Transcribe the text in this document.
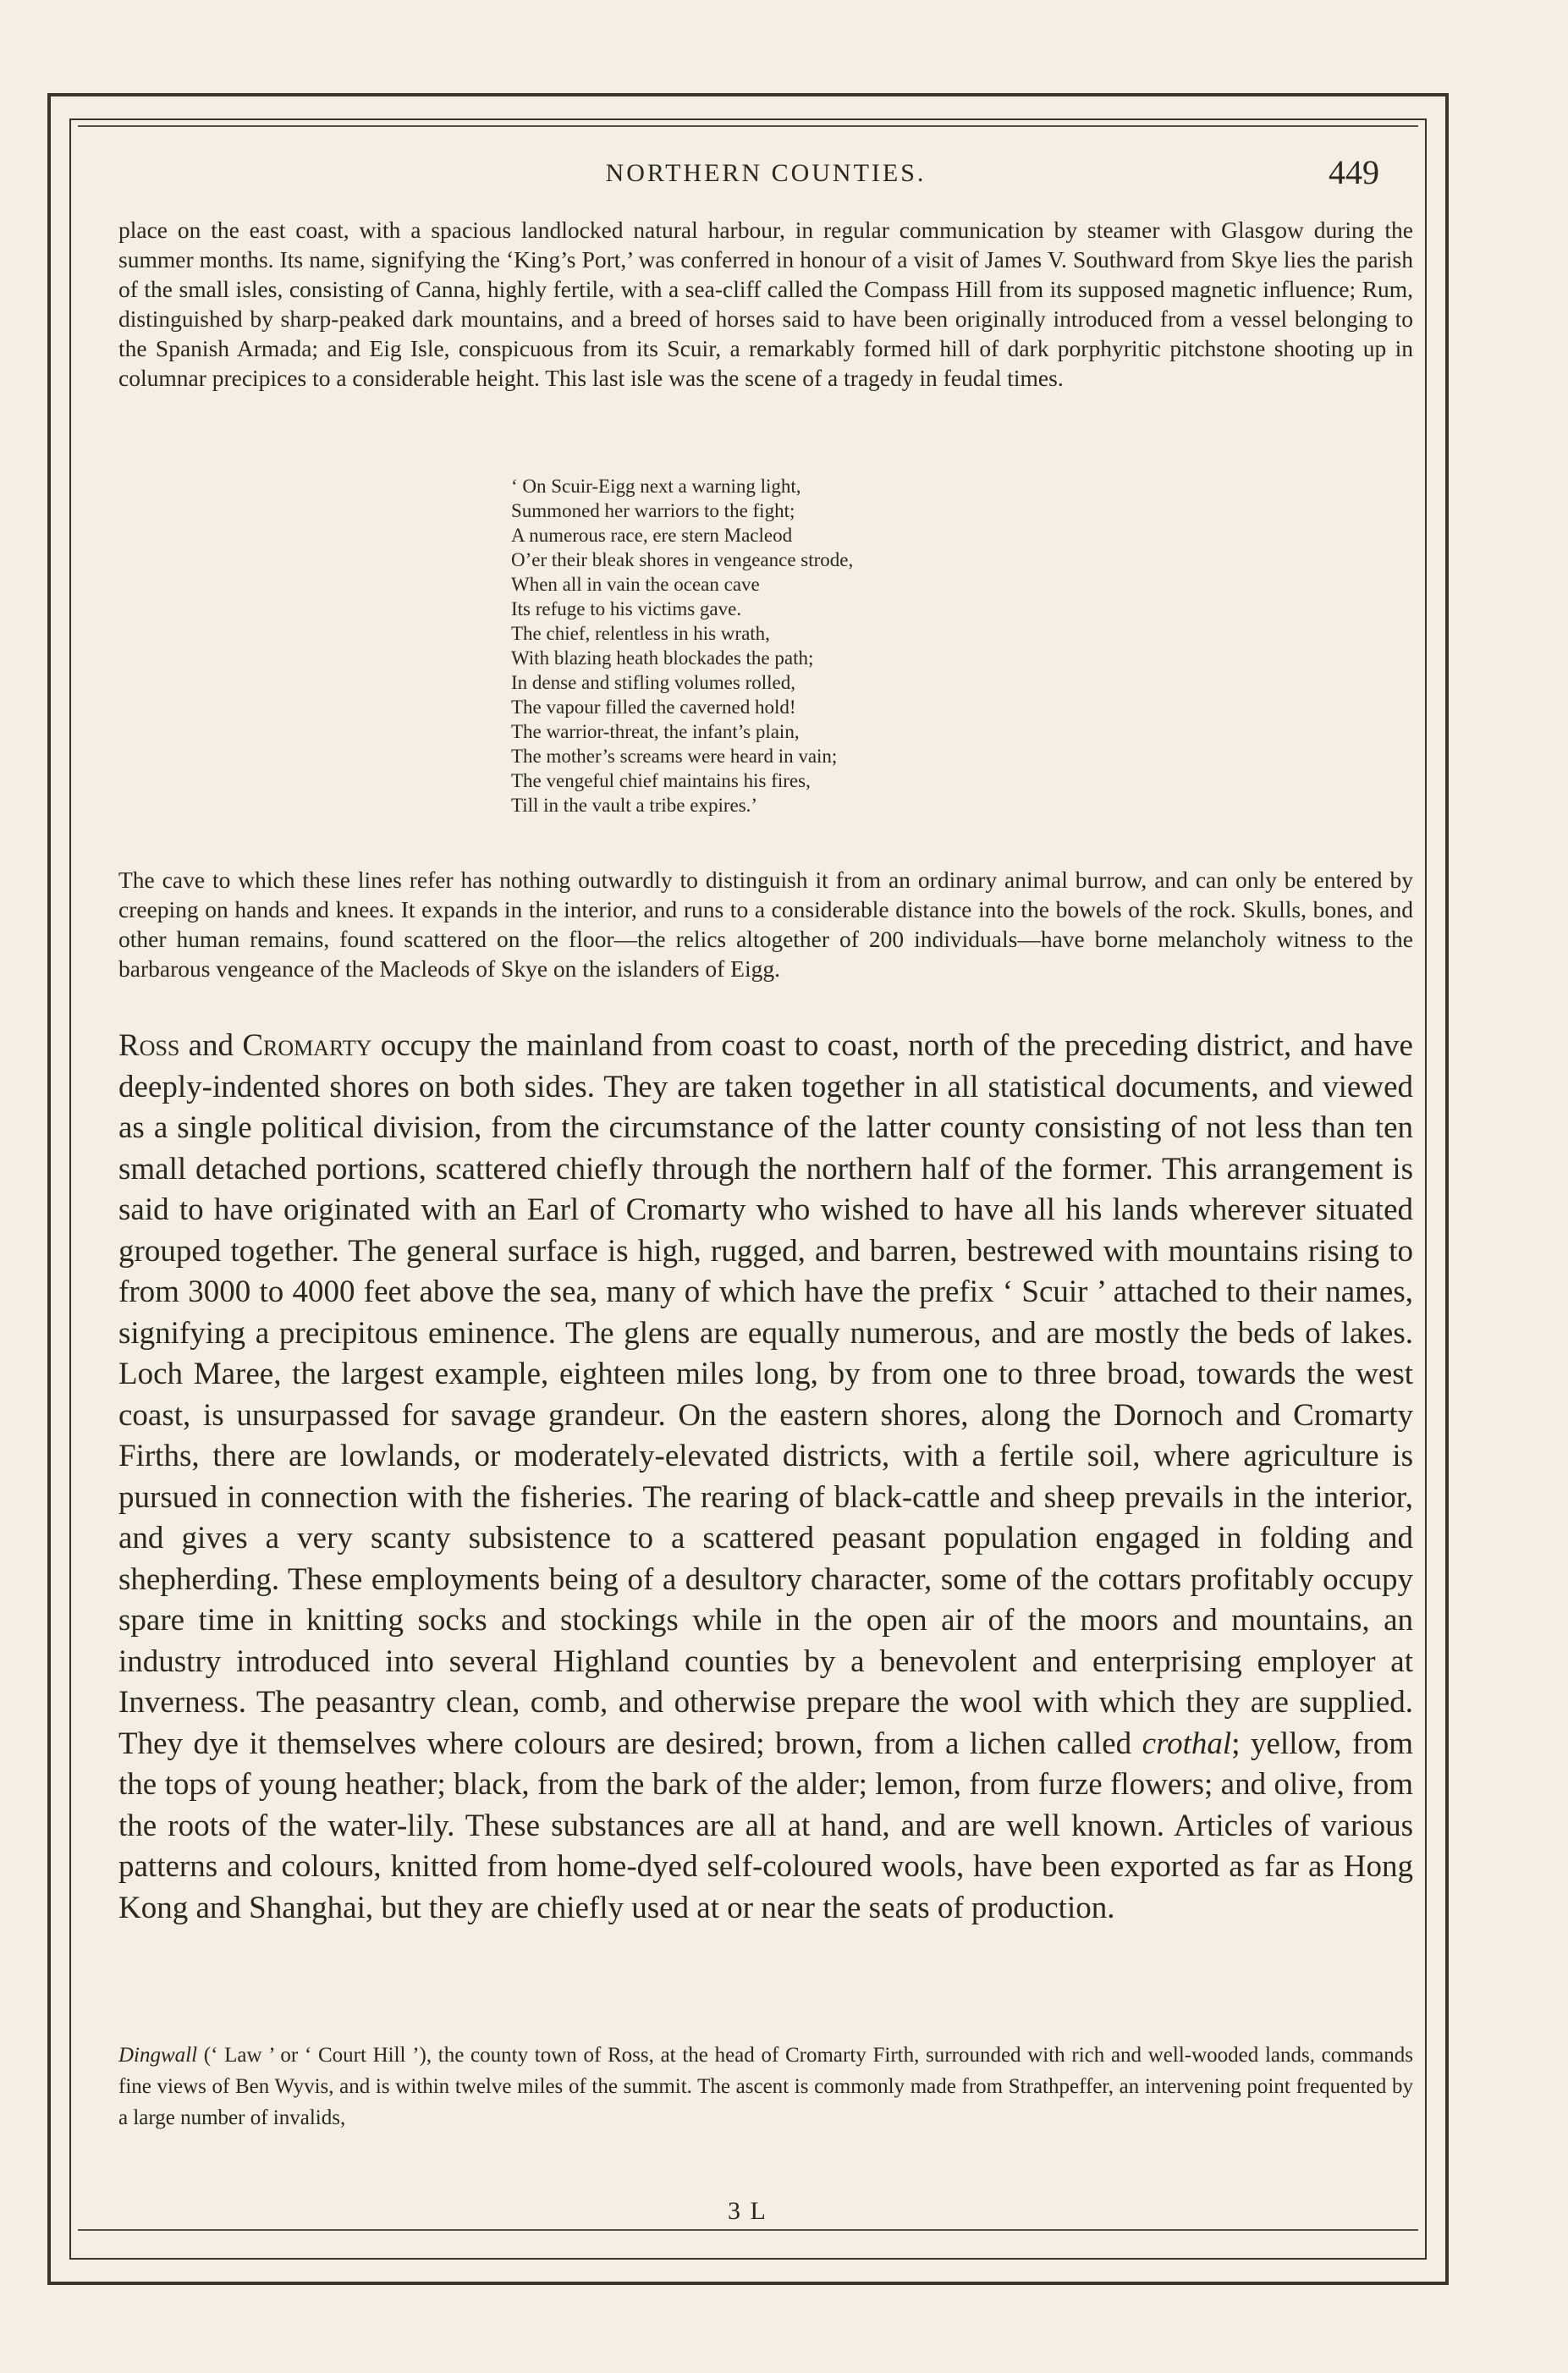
NORTHERN COUNTIES.	449

place on the east coast, with a spacious landlocked natural harbour, in regular communication by steamer with Glasgow during the summer months. Its name, signifying the ‘King’s Port,’ was conferred in honour of a visit of James V. Southward from Skye lies the parish of the small isles, consisting of Canna, highly fertile, with a sea-cliff called the Compass Hill from its supposed magnetic influence; Rum, distinguished by sharp-peaked dark mountains, and a breed of horses said to have been originally introduced from a vessel belonging to the Spanish Armada; and Eig Isle, conspicuous from its Scuir, a remarkably formed hill of dark porphyritic pitchstone shooting up in columnar precipices to a considerable height. This last isle was the scene of a tragedy in feudal times.

‘ On Scuir-Eigg next a warning light,
Summoned her warriors to the fight;
A numerous race, ere stern Macleod
O’er their bleak shores in vengeance strode,
When all in vain the ocean cave
Its refuge to his victims gave.
The chief, relentless in his wrath,
With blazing heath blockades the path;
In dense and stifling volumes rolled,
The vapour filled the caverned hold!
The warrior-threat, the infant’s plain,
The mother’s screams were heard in vain;
The vengeful chief maintains his fires,
Till in the vault a tribe expires.’

The cave to which these lines refer has nothing outwardly to distinguish it from an ordinary animal burrow, and can only be entered by creeping on hands and knees. It expands in the interior, and runs to a considerable distance into the bowels of the rock. Skulls, bones, and other human remains, found scattered on the floor—the relics altogether of 200 individuals—have borne melancholy witness to the barbarous vengeance of the Macleods of Skye on the islanders of Eigg.

Ross and Cromarty occupy the mainland from coast to coast, north of the preceding district, and have deeply-indented shores on both sides. They are taken together in all statistical documents, and viewed as a single political division, from the circumstance of the latter county consisting of not less than ten small detached portions, scattered chiefly through the northern half of the former. This arrangement is said to have originated with an Earl of Cromarty who wished to have all his lands wherever situated grouped together. The general surface is high, rugged, and barren, bestrewed with mountains rising to from 3000 to 4000 feet above the sea, many of which have the prefix ‘ Scuir ’ attached to their names, signifying a precipitous eminence. The glens are equally numerous, and are mostly the beds of lakes. Loch Maree, the largest example, eighteen miles long, by from one to three broad, towards the west coast, is unsurpassed for savage grandeur. On the eastern shores, along the Dornoch and Cromarty Firths, there are lowlands, or moderately-elevated districts, with a fertile soil, where agriculture is pursued in connection with the fisheries. The rearing of black-cattle and sheep prevails in the interior, and gives a very scanty subsistence to a scattered peasant population engaged in folding and shepherding. These employments being of a desultory character, some of the cottars profitably occupy spare time in knitting socks and stockings while in the open air of the moors and mountains, an industry introduced into several Highland counties by a benevolent and enterprising employer at Inverness. The peasantry clean, comb, and otherwise prepare the wool with which they are supplied. They dye it themselves where colours are desired; brown, from a lichen called crothal; yellow, from the tops of young heather; black, from the bark of the alder; lemon, from furze flowers; and olive, from the roots of the water-lily. These substances are all at hand, and are well known. Articles of various patterns and colours, knitted from home-dyed self-coloured wools, have been exported as far as Hong Kong and Shanghai, but they are chiefly used at or near the seats of production.

Dingwall (‘ Law ’ or ‘ Court Hill ’), the county town of Ross, at the head of Cromarty Firth, surrounded with rich and well-wooded lands, commands fine views of Ben Wyvis, and is within twelve miles of the summit. The ascent is commonly made from Strathpeffer, an intervening point frequented by a large number of invalids,

3 L
